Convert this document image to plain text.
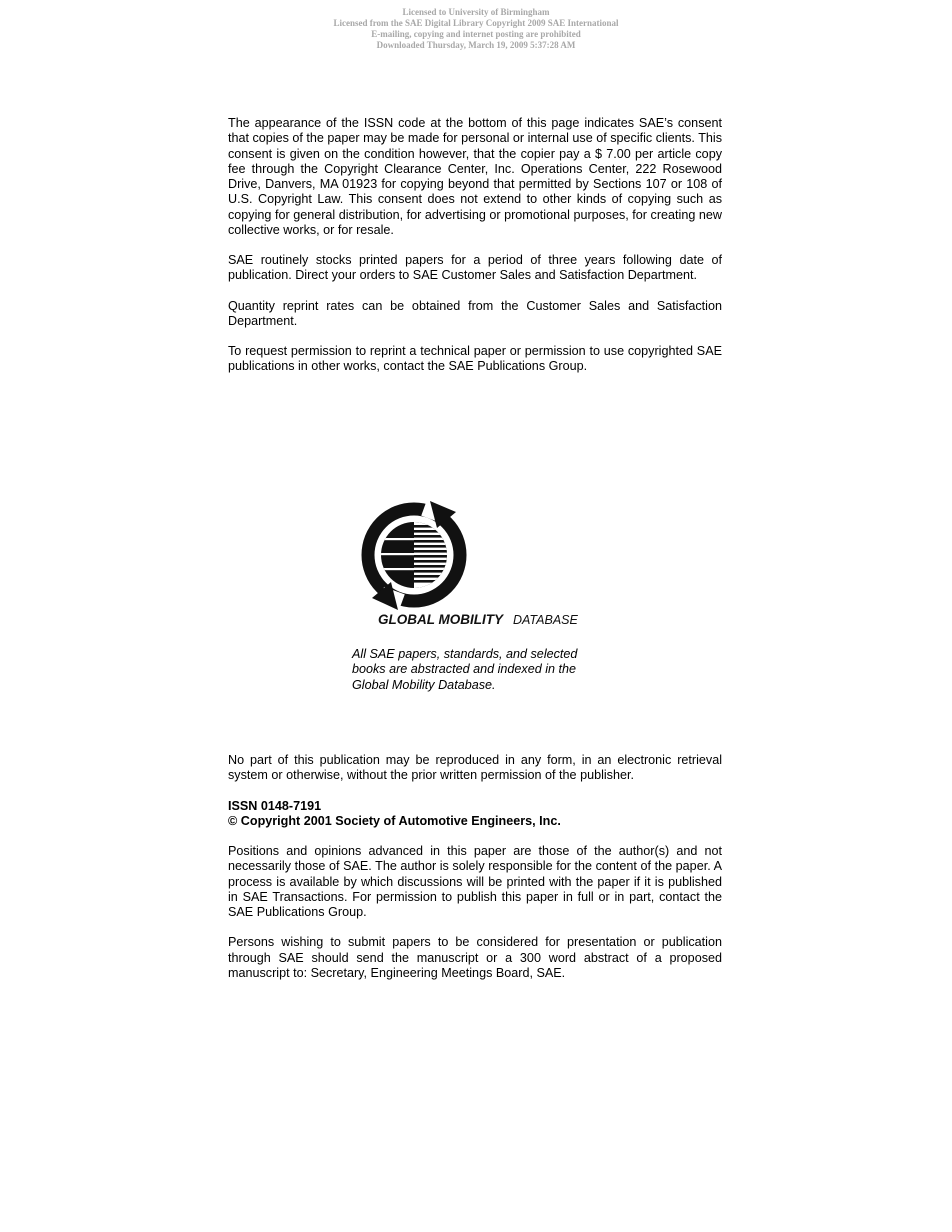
Licensed to University of Birmingham
Licensed from the SAE Digital Library Copyright 2009 SAE International
E-mailing, copying and internet posting are prohibited
Downloaded Thursday, March 19, 2009 5:37:28 AM

The appearance of the ISSN code at the bottom of this page indicates SAE’s consent that copies of the paper may be made for personal or internal use of specific clients. This consent is given on the condition however, that the copier pay a $ 7.00 per article copy fee through the Copyright Clearance Center, Inc. Operations Center, 222 Rosewood Drive, Danvers, MA 01923 for copying beyond that permitted by Sections 107 or 108 of U.S. Copyright Law. This consent does not extend to other kinds of copying such as copying for general distribution, for advertising or promotional purposes, for creating new collective works, or for resale.

SAE routinely stocks printed papers for a period of three years following date of publication. Direct your orders to SAE Customer Sales and Satisfaction Department.

Quantity reprint rates can be obtained from the Customer Sales and Satisfaction Department.

To request permission to reprint a technical paper or permission to use copyrighted SAE publications in other works, contact the SAE Publications Group.

GLOBAL MOBILITY DATABASE
All SAE papers, standards, and selected
books are abstracted and indexed in the
Global Mobility Database.

No part of this publication may be reproduced in any form, in an electronic retrieval system or otherwise, without the prior written permission of the publisher.

ISSN 0148-7191

© Copyright 2001 Society of Automotive Engineers, Inc.

Positions and opinions advanced in this paper are those of the author(s) and not necessarily those of SAE. The author is solely responsible for the content of the paper. A process is available by which discussions will be printed with the paper if it is published in SAE Transactions. For permission to publish this paper in full or in part, contact the SAE Publications Group.

Persons wishing to submit papers to be considered for presentation or publication through SAE should send the manuscript or a 300 word abstract of a proposed manuscript to: Secretary, Engineering Meetings Board, SAE.
